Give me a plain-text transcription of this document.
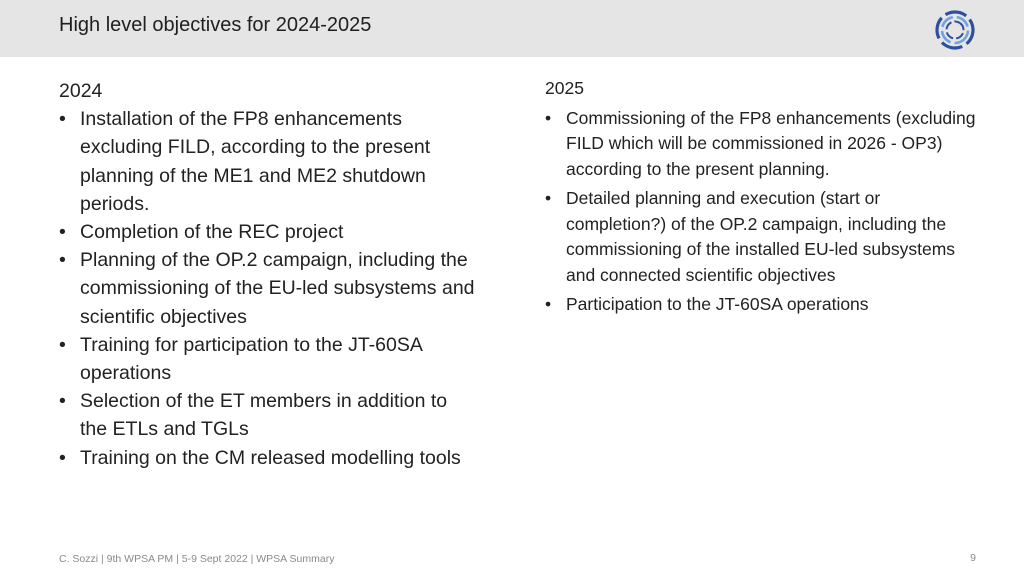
High level objectives for 2024-2025
2024
• Installation of the FP8 enhancements excluding FILD, according to the present planning of the ME1 and ME2 shutdown periods.
• Completion of the REC project
• Planning of the OP.2 campaign, including the commissioning of the EU-led subsystems and scientific objectives
• Training for participation to the JT-60SA operations
• Selection of the ET members in addition to the ETLs and TGLs
• Training on the CM released modelling tools
2025
• Commissioning of the FP8 enhancements (excluding FILD which will be commissioned in 2026 - OP3) according to the present planning.
• Detailed planning and execution (start or completion?) of the OP.2 campaign, including the commissioning of the installed EU-led subsystems and connected scientific objectives
• Participation to the JT-60SA operations
C. Sozzi | 9th WPSA PM | 5-9 Sept 2022 | WPSA Summary	9
